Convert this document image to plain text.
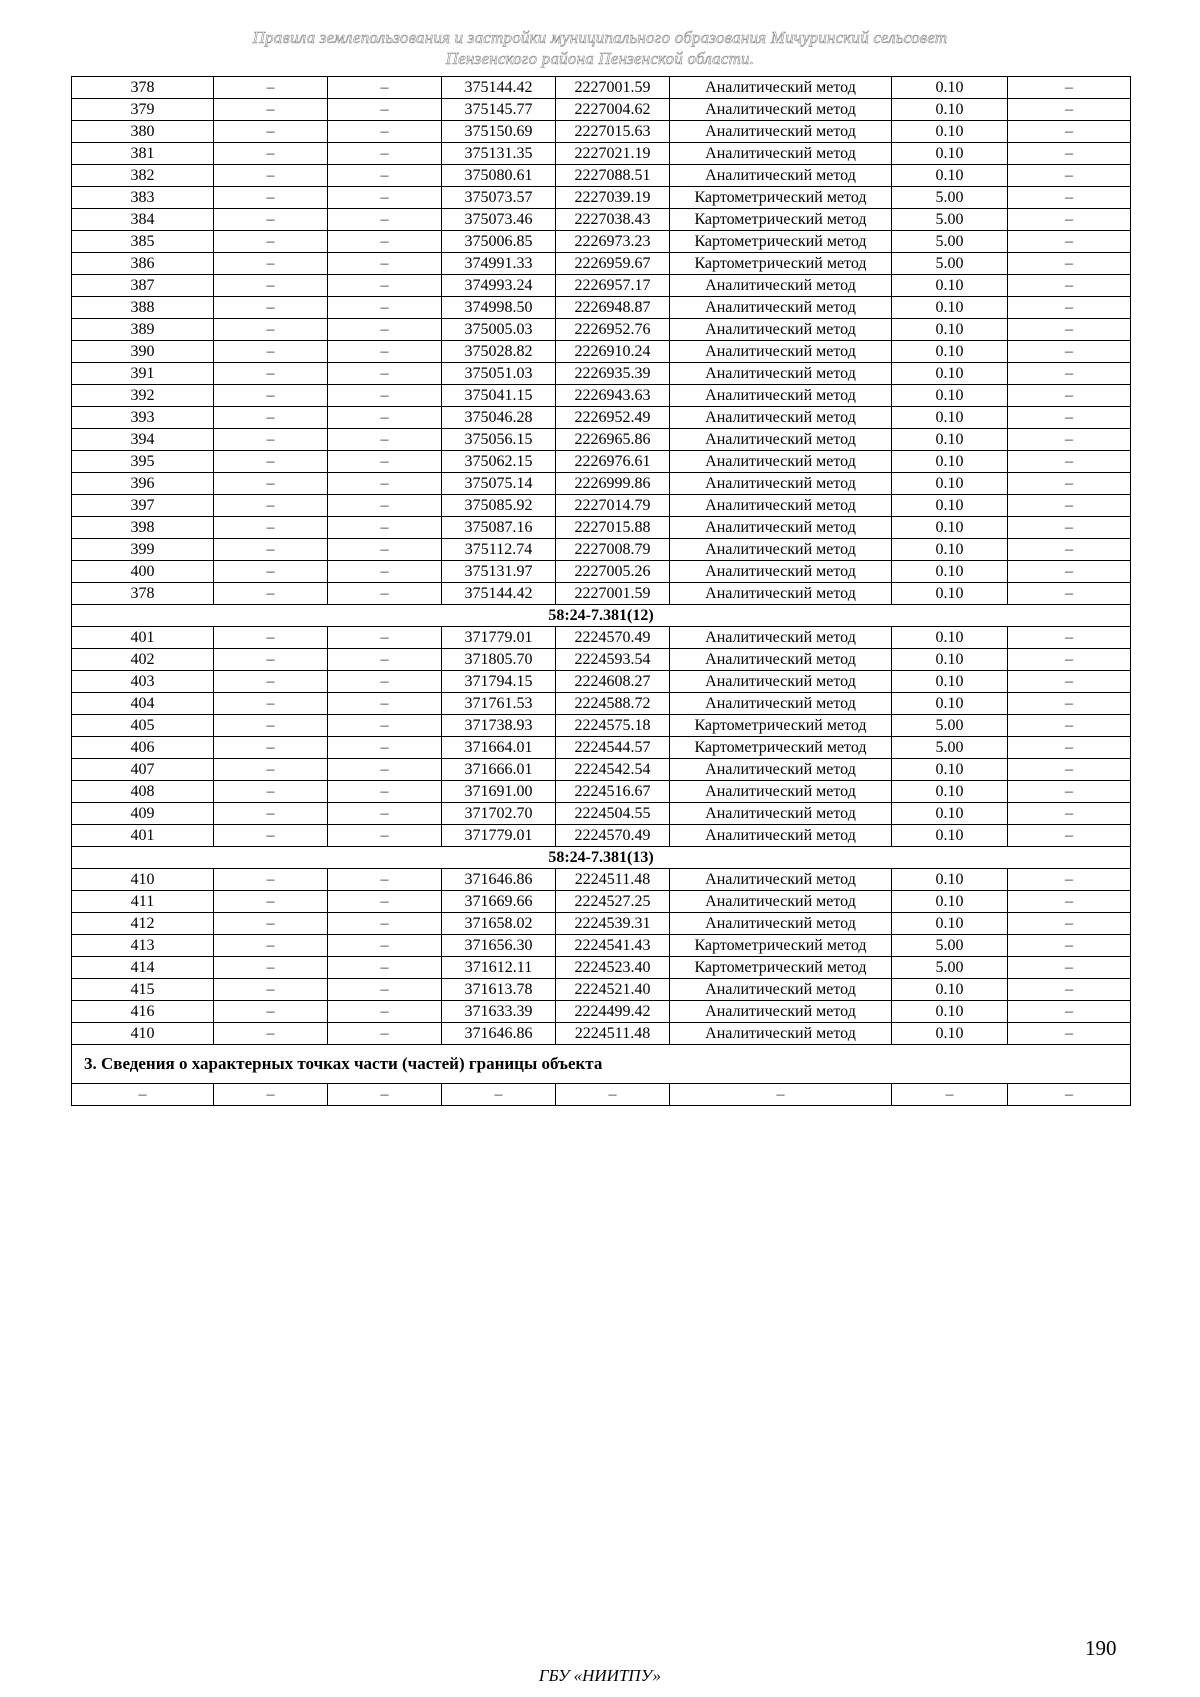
Правила землепользования и застройки муниципального образования Мичуринский сельсовет
Пензенского района Пензенской области.
378	–	–	375144.42	2227001.59	Аналитический метод	0.10	–
379	–	–	375145.77	2227004.62	Аналитический метод	0.10	–
380	–	–	375150.69	2227015.63	Аналитический метод	0.10	–
381	–	–	375131.35	2227021.19	Аналитический метод	0.10	–
382	–	–	375080.61	2227088.51	Аналитический метод	0.10	–
383	–	–	375073.57	2227039.19	Картометрический метод	5.00	–
384	–	–	375073.46	2227038.43	Картометрический метод	5.00	–
385	–	–	375006.85	2226973.23	Картометрический метод	5.00	–
386	–	–	374991.33	2226959.67	Картометрический метод	5.00	–
387	–	–	374993.24	2226957.17	Аналитический метод	0.10	–
388	–	–	374998.50	2226948.87	Аналитический метод	0.10	–
389	–	–	375005.03	2226952.76	Аналитический метод	0.10	–
390	–	–	375028.82	2226910.24	Аналитический метод	0.10	–
391	–	–	375051.03	2226935.39	Аналитический метод	0.10	–
392	–	–	375041.15	2226943.63	Аналитический метод	0.10	–
393	–	–	375046.28	2226952.49	Аналитический метод	0.10	–
394	–	–	375056.15	2226965.86	Аналитический метод	0.10	–
395	–	–	375062.15	2226976.61	Аналитический метод	0.10	–
396	–	–	375075.14	2226999.86	Аналитический метод	0.10	–
397	–	–	375085.92	2227014.79	Аналитический метод	0.10	–
398	–	–	375087.16	2227015.88	Аналитический метод	0.10	–
399	–	–	375112.74	2227008.79	Аналитический метод	0.10	–
400	–	–	375131.97	2227005.26	Аналитический метод	0.10	–
378	–	–	375144.42	2227001.59	Аналитический метод	0.10	–
58:24-7.381(12)							
401	–	–	371779.01	2224570.49	Аналитический метод	0.10	–
402	–	–	371805.70	2224593.54	Аналитический метод	0.10	–
403	–	–	371794.15	2224608.27	Аналитический метод	0.10	–
404	–	–	371761.53	2224588.72	Аналитический метод	0.10	–
405	–	–	371738.93	2224575.18	Картометрический метод	5.00	–
406	–	–	371664.01	2224544.57	Картометрический метод	5.00	–
407	–	–	371666.01	2224542.54	Аналитический метод	0.10	–
408	–	–	371691.00	2224516.67	Аналитический метод	0.10	–
409	–	–	371702.70	2224504.55	Аналитический метод	0.10	–
401	–	–	371779.01	2224570.49	Аналитический метод	0.10	–
58:24-7.381(13)							
410	–	–	371646.86	2224511.48	Аналитический метод	0.10	–
411	–	–	371669.66	2224527.25	Аналитический метод	0.10	–
412	–	–	371658.02	2224539.31	Аналитический метод	0.10	–
413	–	–	371656.30	2224541.43	Картометрический метод	5.00	–
414	–	–	371612.11	2224523.40	Картометрический метод	5.00	–
415	–	–	371613.78	2224521.40	Аналитический метод	0.10	–
416	–	–	371633.39	2224499.42	Аналитический метод	0.10	–
410	–	–	371646.86	2224511.48	Аналитический метод	0.10	–
3. Сведения о характерных точках части (частей) границы объекта							
–	–	–	–	–	–	–	–
190
ГБУ «НИИТПУ»
